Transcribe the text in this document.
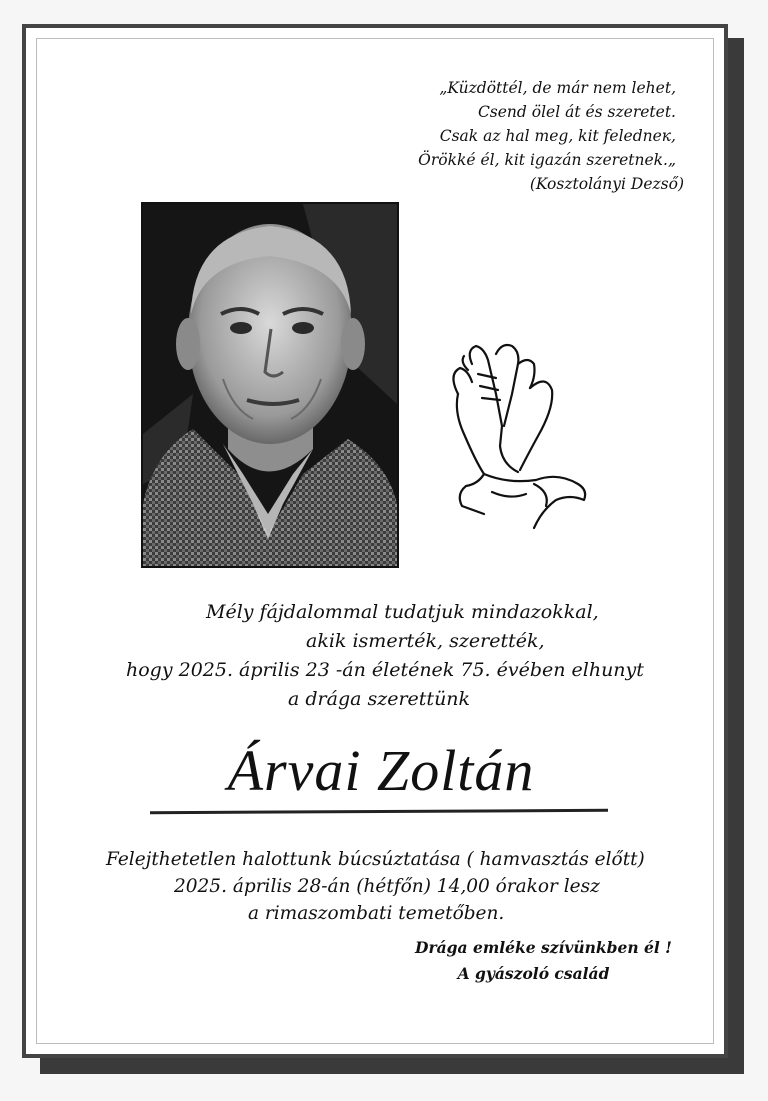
„Küzdöttél, de már nem lehet,
Csend ölel át és szeretet.
Csak az hal meg, kit feledneк,
Örökké él, kit igazán szeretnek.„
(Kosztolányi Dezső)
Mély fájdalommal tudatjuk mindazokkal,
akik ismerték, szerették,
hogy 2025. április 23 -án életének 75. évében elhunyt
a drága szerettünk
Árvai Zoltán
Felejthetetlen halottunk búcsúztatása ( hamvasztás előtt)
2025. április 28-án (hétfőn) 14,00 órakor lesz
a rimaszombati temetőben.
Drága emléke szívünkben él !
A gyászoló család
